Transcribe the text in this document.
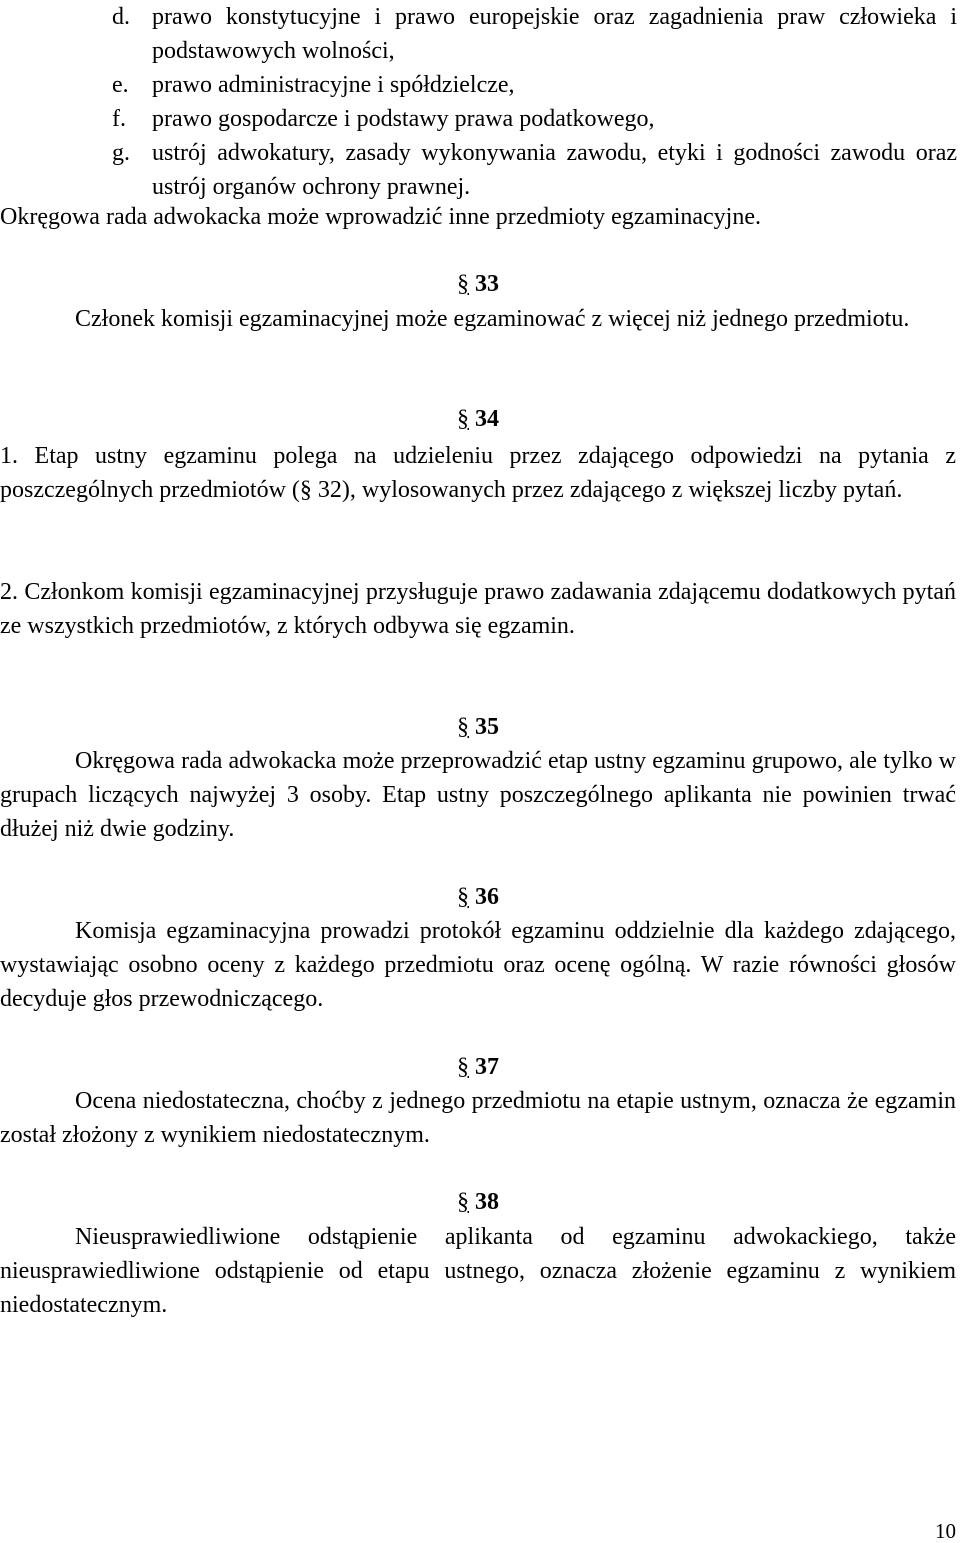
d. prawo konstytucyjne i prawo europejskie oraz zagadnienia praw człowieka i podstawowych wolności,
e. prawo administracyjne i spółdzielcze,
f. prawo gospodarcze i podstawy prawa podatkowego,
g. ustrój adwokatury, zasady wykonywania zawodu, etyki i godności zawodu oraz ustrój organów ochrony prawnej.
Okręgowa rada adwokacka może wprowadzić inne przedmioty egzaminacyjne.
§ 33
Członek komisji egzaminacyjnej może egzaminować z więcej niż jednego przedmiotu.
§ 34
1. Etap ustny egzaminu polega na udzieleniu przez zdającego odpowiedzi na pytania z poszczególnych przedmiotów (§ 32), wylosowanych przez zdającego z większej liczby pytań.
2. Członkom komisji egzaminacyjnej przysługuje prawo zadawania zdającemu dodatkowych pytań ze wszystkich przedmiotów, z których odbywa się egzamin.
§ 35
Okręgowa rada adwokacka może przeprowadzić etap ustny egzaminu grupowo, ale tylko w grupach liczących najwyżej 3 osoby. Etap ustny poszczególnego aplikanta nie powinien trwać dłużej niż dwie godziny.
§ 36
Komisja egzaminacyjna prowadzi protokół egzaminu oddzielnie dla każdego zdającego, wystawiając osobno oceny z każdego przedmiotu oraz ocenę ogólną. W razie równości głosów decyduje głos przewodniczącego.
§ 37
Ocena niedostateczna, choćby z jednego przedmiotu na etapie ustnym, oznacza że egzamin został złożony z wynikiem niedostatecznym.
§ 38
Nieusprawiedliwione odstąpienie aplikanta od egzaminu adwokackiego, także nieusprawiedliwione odstąpienie od etapu ustnego, oznacza złożenie egzaminu z wynikiem niedostatecznym.
10
